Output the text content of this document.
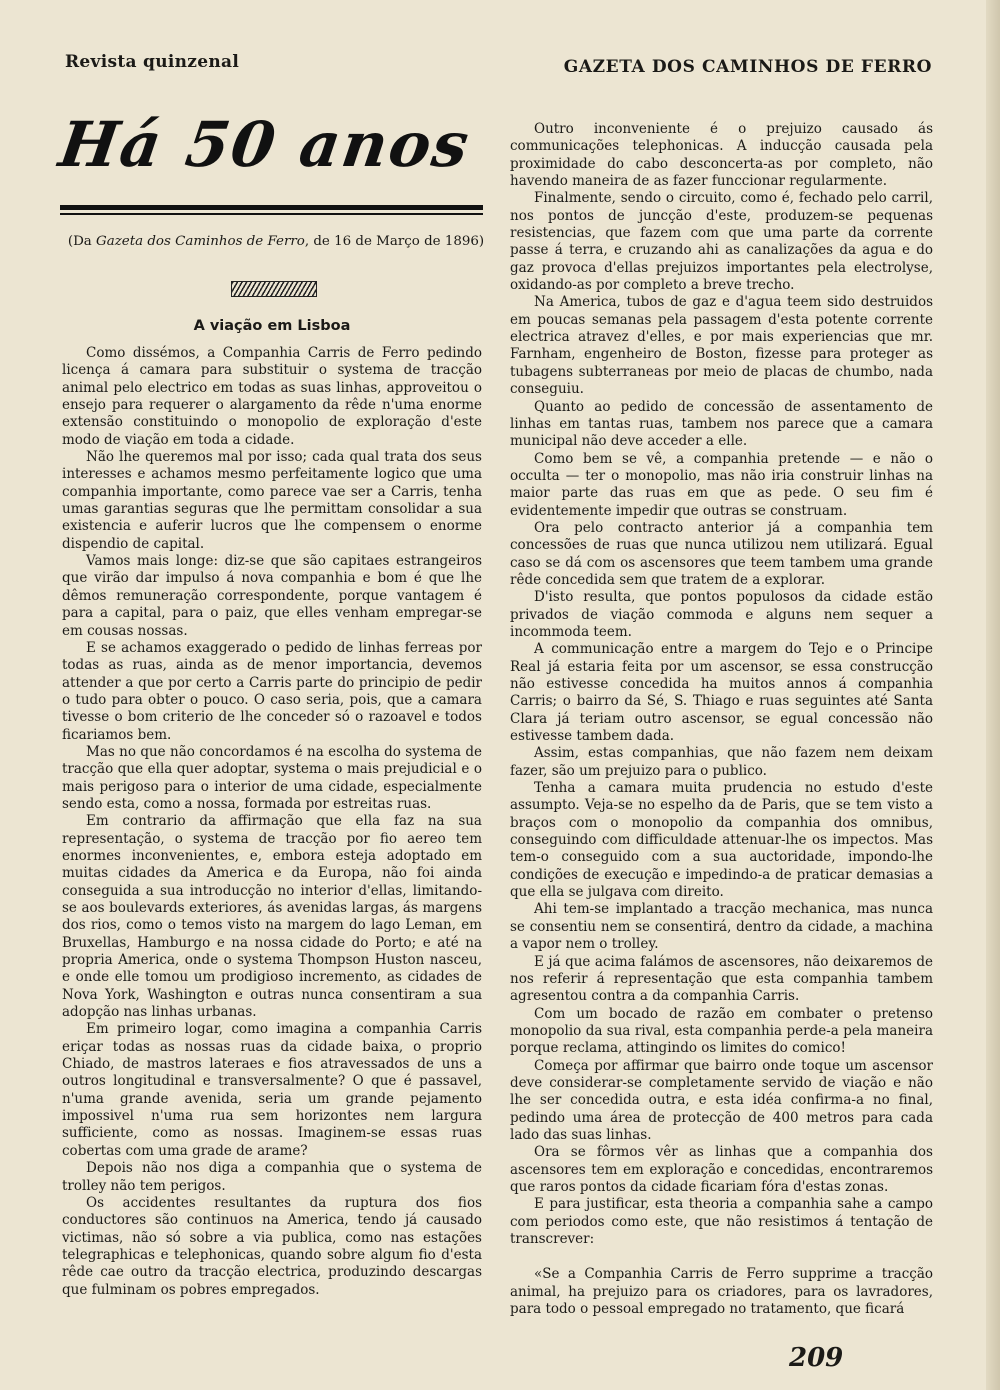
Revista quinzenal	GAZETA DOS CAMINHOS DE FERRO
Há 50 anos
(Da Gazeta dos Caminhos de Ferro, de 16 de Março de 1896)
A viação em Lisboa

Como dissémos, a Companhia Carris de Ferro pedindo licença á camara para substituir o systema de tracção animal pelo electrico em todas as suas linhas, approveitou o ensejo para requerer o alargamento da rêde n'uma enorme extensão constituindo o monopolio de exploração d'este modo de viação em toda a cidade.

Não lhe queremos mal por isso; cada qual trata dos seus interesses e achamos mesmo perfeitamente logico que uma companhia importante, como parece vae ser a Carris, tenha umas garantias seguras que lhe permittam consolidar a sua existencia e auferir lucros que lhe compensem o enorme dispendio de capital.

Vamos mais longe: diz-se que são capitaes estrangeiros que virão dar impulso á nova companhia e bom é que lhe dêmos remuneração correspondente, porque vantagem é para a capital, para o paiz, que elles venham empregar-se em cousas nossas.

E se achamos exaggerado o pedido de linhas ferreas por todas as ruas, ainda as de menor importancia, devemos attender a que por certo a Carris parte do principio de pedir o tudo para obter o pouco. O caso seria, pois, que a camara tivesse o bom criterio de lhe conceder só o razoavel e todos ficariamos bem.

Mas no que não concordamos é na escolha do systema de tracção que ella quer adoptar, systema o mais prejudicial e o mais perigoso para o interior de uma cidade, especialmente sendo esta, como a nossa, formada por estreitas ruas.

Em contrario da affirmação que ella faz na sua representação, o systema de tracção por fio aereo tem enormes inconvenientes, e, embora esteja adoptado em muitas cidades da America e da Europa, não foi ainda conseguida a sua introducção no interior d'ellas, limitando-se aos boulevards exteriores, ás avenidas largas, ás margens dos rios, como o temos visto na margem do lago Leman, em Bruxellas, Hamburgo e na nossa cidade do Porto; e até na propria America, onde o systema Thompson Huston nasceu, e onde elle tomou um prodigioso incremento, as cidades de Nova York, Washington e outras nunca consentiram a sua adopção nas linhas urbanas.

Em primeiro logar, como imagina a companhia Carris eriçar todas as nossas ruas da cidade baixa, o proprio Chiado, de mastros lateraes e fios atravessados de uns a outros longitudinal e transversalmente? O que é passavel, n'uma grande avenida, seria um grande pejamento impossivel n'uma rua sem horizontes nem largura sufficiente, como as nossas. Imaginem-se essas ruas cobertas com uma grade de arame?

Depois não nos diga a companhia que o systema de trolley não tem perigos.

Os accidentes resultantes da ruptura dos fios conductores são continuos na America, tendo já causado victimas, não só sobre a via publica, como nas estações telegraphicas e telephonicas, quando sobre algum fio d'esta rêde cae outro da tracção electrica, produzindo descargas que fulminam os pobres empregados.

Outro inconveniente é o prejuizo causado ás communicações telephonicas. A inducção causada pela proximidade do cabo desconcerta-as por completo, não havendo maneira de as fazer funccionar regularmente.

Finalmente, sendo o circuito, como é, fechado pelo carril, nos pontos de juncção d'este, produzem-se pequenas resistencias, que fazem com que uma parte da corrente passe á terra, e cruzando ahi as canalizações da agua e do gaz provoca d'ellas prejuizos importantes pela electrolyse, oxidando-as por completo a breve trecho.

Na America, tubos de gaz e d'agua teem sido destruidos em poucas semanas pela passagem d'esta potente corrente electrica atravez d'elles, e por mais experiencias que mr. Farnham, engenheiro de Boston, fizesse para proteger as tubagens subterraneas por meio de placas de chumbo, nada conseguiu.

Quanto ao pedido de concessão de assentamento de linhas em tantas ruas, tambem nos parece que a camara municipal não deve acceder a elle.

Como bem se vê, a companhia pretende — e não o occulta — ter o monopolio, mas não iria construir linhas na maior parte das ruas em que as pede. O seu fim é evidentemente impedir que outras se construam.

Ora pelo contracto anterior já a companhia tem concessões de ruas que nunca utilizou nem utilizará. Egual caso se dá com os ascensores que teem tambem uma grande rêde concedida sem que tratem de a explorar.

D'isto resulta, que pontos populosos da cidade estão privados de viação commoda e alguns nem sequer a incommoda teem.

A communicação entre a margem do Tejo e o Principe Real já estaria feita por um ascensor, se essa construcção não estivesse concedida ha muitos annos á companhia Carris; o bairro da Sé, S. Thiago e ruas seguintes até Santa Clara já teriam outro ascensor, se egual concessão não estivesse tambem dada.

Assim, estas companhias, que não fazem nem deixam fazer, são um prejuizo para o publico.

Tenha a camara muita prudencia no estudo d'este assumpto. Veja-se no espelho da de Paris, que se tem visto a braços com o monopolio da companhia dos omnibus, conseguindo com difficuldade attenuar-lhe os impectos. Mas tem-o conseguido com a sua auctoridade, impondo-lhe condições de execução e impedindo-a de praticar demasias a que ella se julgava com direito.

Ahi tem-se implantado a tracção mechanica, mas nunca se consentiu nem se consentirá, dentro da cidade, a machina a vapor nem o trolley.

E já que acima falámos de ascensores, não deixaremos de nos referir á representação que esta companhia tambem agresentou contra a da companhia Carris.

Com um bocado de razão em combater o pretenso monopolio da sua rival, esta companhia perde-a pela maneira porque reclama, attingindo os limites do comico!

Começa por affirmar que bairro onde toque um ascensor deve considerar-se completamente servido de viação e não lhe ser concedida outra, e esta idéa confirma-a no final, pedindo uma área de protecção de 400 metros para cada lado das suas linhas.

Ora se fôrmos vêr as linhas que a companhia dos ascensores tem em exploração e concedidas, encontraremos que raros pontos da cidade ficariam fóra d'estas zonas.

E para justificar, esta theoria a companhia sahe a campo com periodos como este, que não resistimos á tentação de transcrever:

«Se a Companhia Carris de Ferro supprime a tracção animal, ha prejuizo para os criadores, para os lavradores, para todo o pessoal empregado no tratamento, que ficará

209
